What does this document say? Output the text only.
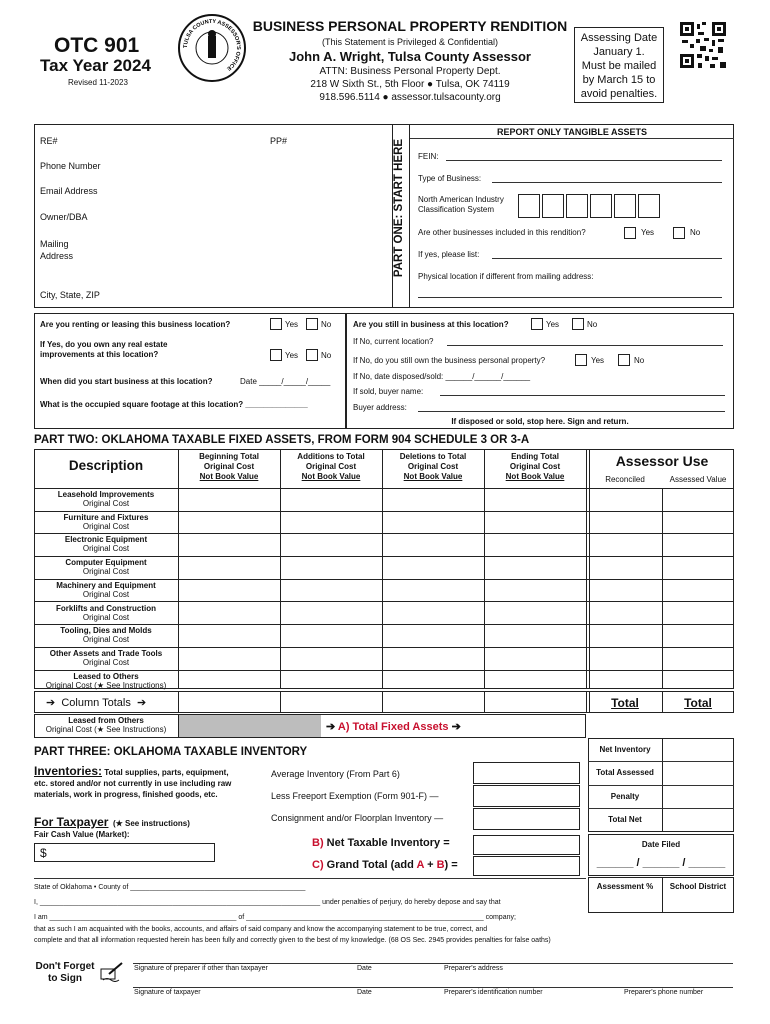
OTC 901
Tax Year 2024
Revised 11-2023
TULSA COUNTY ASSESSOR'S OFFICE
BUSINESS PERSONAL PROPERTY RENDITION
(This Statement is Privileged & Confidential)
John A. Wright, Tulsa County Assessor
ATTN: Business Personal Property Dept.
218 W Sixth St., 5th Floor ● Tulsa, OK 74119
918.596.5114 ● assessor.tulsacounty.org
Assessing Date
January 1.
Must be mailed
by March 15 to
avoid penalties.
PART ONE: START HERE
RE#	PP#
Phone Number
Email Address
Owner/DBA
Mailing
Address
City, State, ZIP
REPORT ONLY TANGIBLE ASSETS
FEIN:
Type of Business:
North American Industry
Classification System
Are other businesses included in this rendition?	Yes	No
If yes, please list:
Physical location if different from mailing address:
Are you renting or leasing this business location?	Yes	No
If Yes, do you own any real estate
improvements at this location?	Yes	No
When did you start business at this location?	Date _____/_____/_____
What is the occupied square footage at this location? ______________
Are you still in business at this location?	Yes	No
If No, current location?
If No, do you still own the business personal property?	Yes	No
If No, date disposed/sold: ______/______/______
If sold, buyer name:
Buyer address:
If disposed or sold, stop here. Sign and return.
PART TWO: OKLAHOMA TAXABLE FIXED ASSETS, FROM FORM 904 SCHEDULE 3 OR 3-A
Description
Beginning Total
Original Cost
Not Book Value
Additions to Total
Original Cost
Not Book Value
Deletions to Total
Original Cost
Not Book Value
Ending Total
Original Cost
Not Book Value
Assessor Use
Reconciled	Assessed Value
Leasehold Improvements
Original Cost
Furniture and Fixtures
Original Cost
Electronic Equipment
Original Cost
Computer Equipment
Original Cost
Machinery and Equipment
Original Cost
Forklifts and Construction
Original Cost
Tooling, Dies and Molds
Original Cost
Other Assets and Trade Tools
Original Cost
Leased to Others
Original Cost (★ See Instructions)
➔ Column Totals ➔	Total	Total
Leased from Others
Original Cost (★ See Instructions)	➔ A) Total Fixed Assets ➔
PART THREE: OKLAHOMA TAXABLE INVENTORY
Inventories: Total supplies, parts, equipment,
etc. stored and/or not currently in use including raw
materials, work in progress, finished goods, etc.
Average Inventory (From Part 6)
Less Freeport Exemption (Form 901-F) —
Consignment and/or Floorplan Inventory —
For Taxpayer (★ See instructions)
Fair Cash Value (Market):
$
B) Net Taxable Inventory =
C) Grand Total (add A + B) =
Net Inventory
Total Assessed
Penalty
Total Net
Date Filed
______ / ______ / ______
Assessment %	School District
State of Oklahoma • County of _____________________________________________
I, ________________________________________________________________________ under penalties of perjury, do hereby depose and say that
I am ________________________________________________ of _____________________________________________________________ company;
that as such I am acquainted with the books, accounts, and affairs of said company and know the accompanying statement to be true, correct, and
complete and that all information requested herein has been fully and correctly given to the best of my knowledge. (68 OS Sec. 2945 provides penalties for false oaths)
Don't Forget
to Sign
Signature of preparer if other than taxpayer	Date	Preparer's address
Signature of taxpayer	Date	Preparer's identification number	Preparer's phone number
